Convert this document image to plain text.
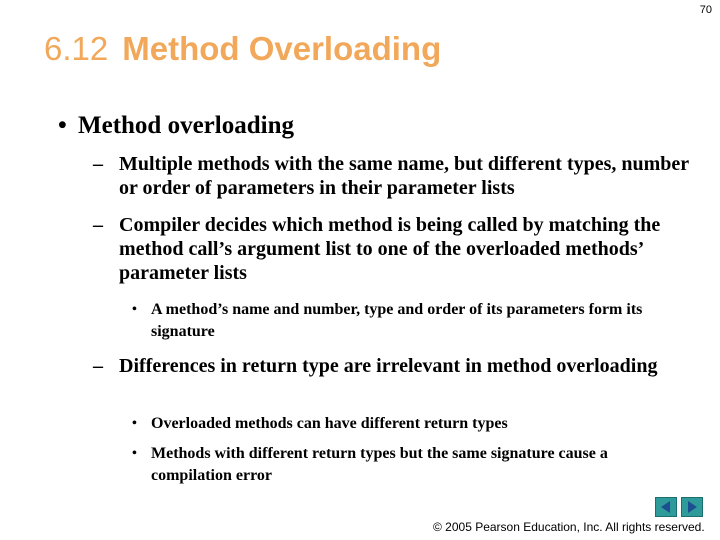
70
6.12 Method Overloading
• Method overloading
– Multiple methods with the same name, but different types, number or order of parameters in their parameter lists
– Compiler decides which method is being called by matching the method call’s argument list to one of the overloaded methods’ parameter lists
• A method’s name and number, type and order of its parameters form its signature
– Differences in return type are irrelevant in method overloading
• Overloaded methods can have different return types
• Methods with different return types but the same signature cause a compilation error
© 2005 Pearson Education, Inc. All rights reserved.
